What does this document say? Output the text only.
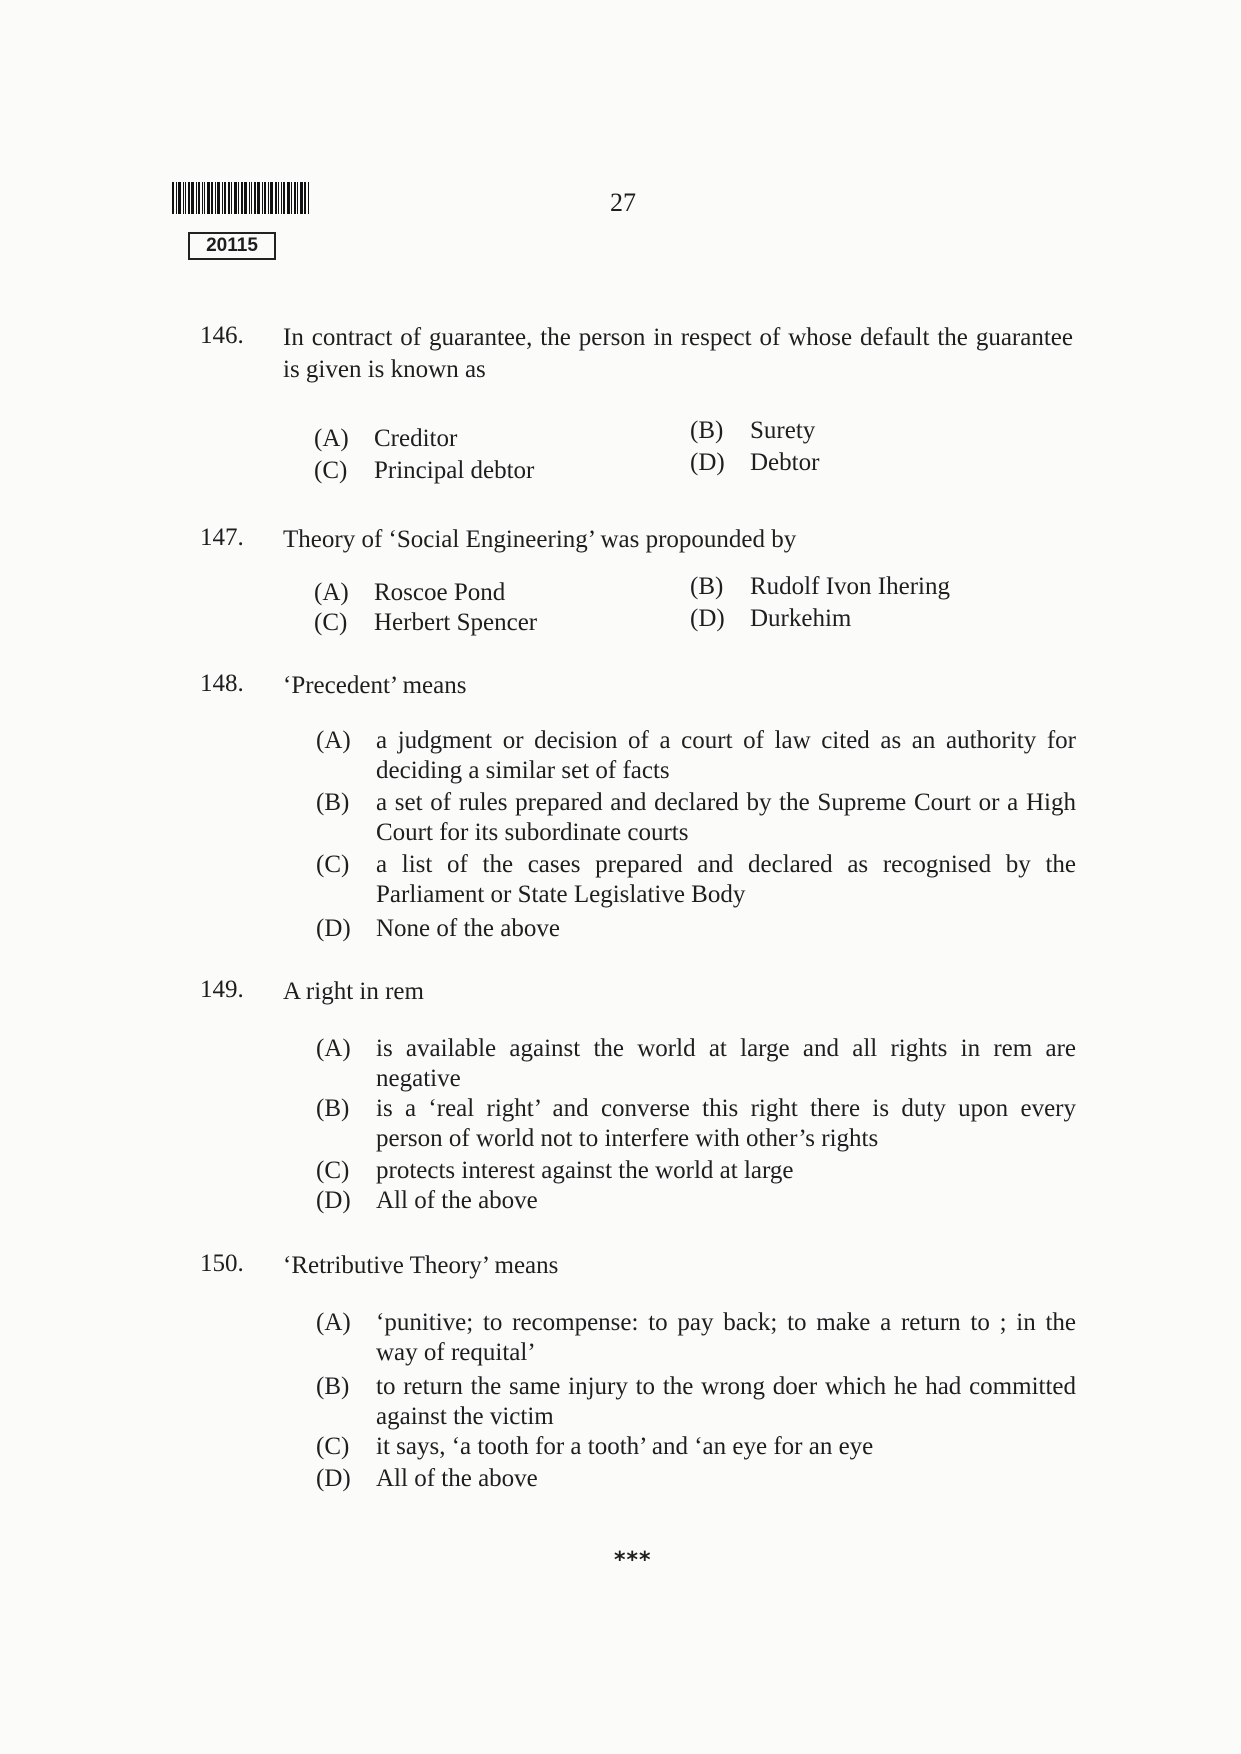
27
20115
146. In contract of guarantee, the person in respect of whose default the guarantee is given is known as
(A) Creditor	(B) Surety
(C) Principal debtor	(D) Debtor
147. Theory of ‘Social Engineering’ was propounded by
(A) Roscoe Pond	(B) Rudolf Ivon Ihering
(C) Herbert Spencer	(D) Durkehim
148. ‘Precedent’ means
(A) a judgment or decision of a court of law cited as an authority for deciding a similar set of facts
(B) a set of rules prepared and declared by the Supreme Court or a High Court for its subordinate courts
(C) a list of the cases prepared and declared as recognised by the Parliament or State Legislative Body
(D) None of the above
149. A right in rem
(A) is available against the world at large and all rights in rem are negative
(B) is a ‘real right’ and converse this right there is duty upon every person of world not to interfere with other’s rights
(C) protects interest against the world at large
(D) All of the above
150. ‘Retributive Theory’ means
(A) ‘punitive; to recompense: to pay back; to make a return to ; in the way of requital’
(B) to return the same injury to the wrong doer which he had committed against the victim
(C) it says, ‘a tooth for a tooth’ and ‘an eye for an eye
(D) All of the above
***
